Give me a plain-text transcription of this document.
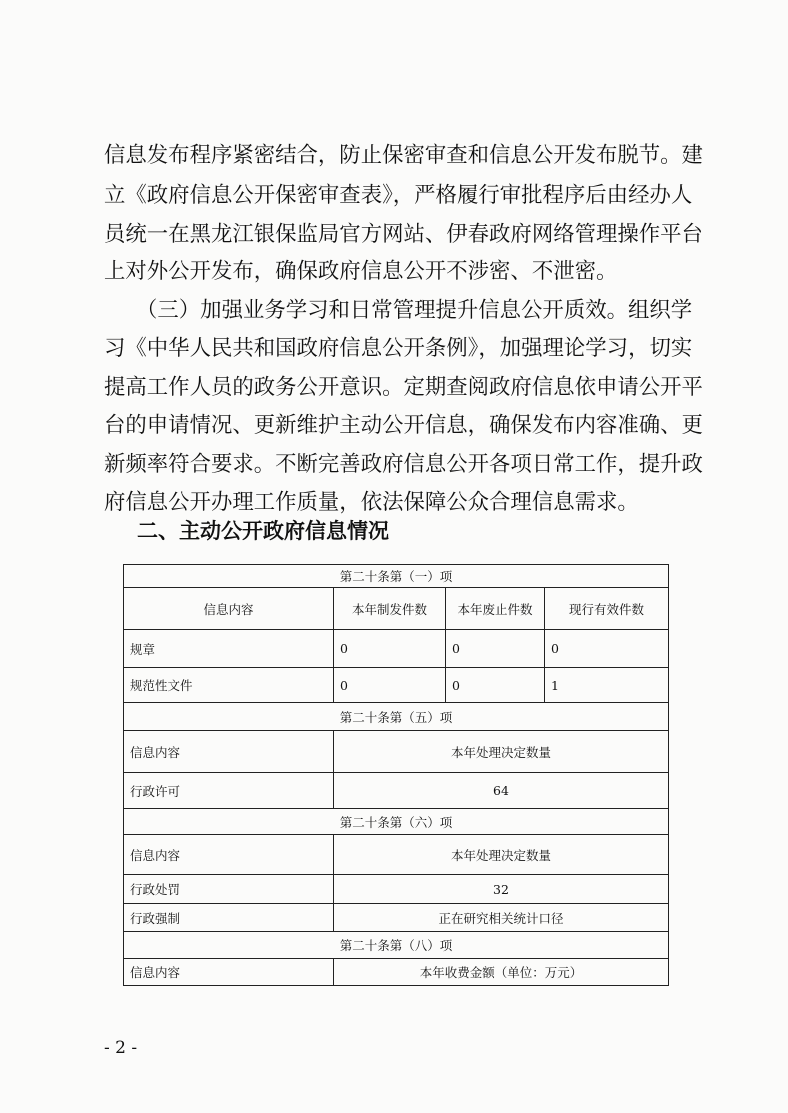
信息发布程序紧密结合，防止保密审查和信息公开发布脱节。建
立《政府信息公开保密审查表》，严格履行审批程序后由经办人
员统一在黑龙江银保监局官方网站、伊春政府网络管理操作平台
上对外公开发布，确保政府信息公开不涉密、不泄密。
（三）加强业务学习和日常管理提升信息公开质效。组织学
习《中华人民共和国政府信息公开条例》，加强理论学习，切实
提高工作人员的政务公开意识。定期查阅政府信息依申请公开平
台的申请情况、更新维护主动公开信息，确保发布内容准确、更
新频率符合要求。不断完善政府信息公开各项日常工作，提升政
府信息公开办理工作质量，依法保障公众合理信息需求。
二、主动公开政府信息情况
第二十条第（一）项			
信息内容	本年制发件数	本年废止件数	现行有效件数
规章	0	0	0
规范性文件	0	0	1
第二十条第（五）项			
信息内容	本年处理决定数量		
行政许可	64		
第二十条第（六）项			
信息内容	本年处理决定数量		
行政处罚	32		
行政强制	正在研究相关统计口径		
第二十条第（八）项			
信息内容	本年收费金额（单位：万元）		
- 2 -
